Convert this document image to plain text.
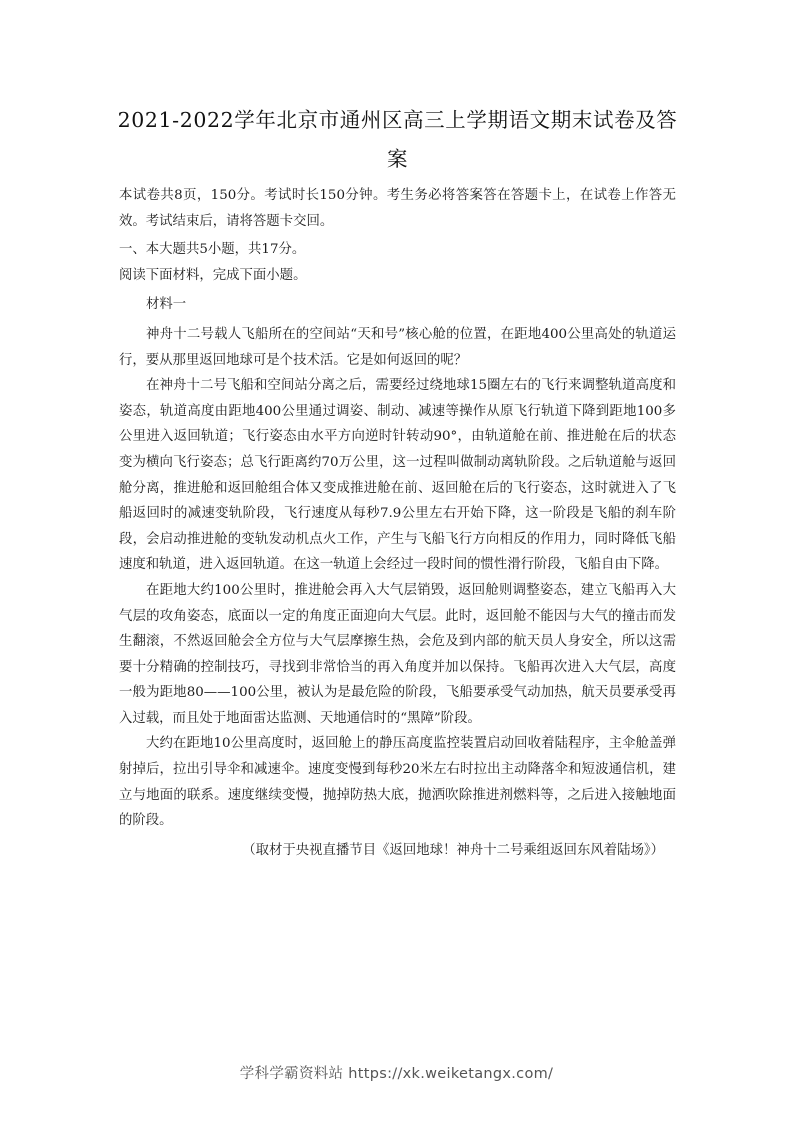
2021-2022学年北京市通州区高三上学期语文期末试卷及答案

本试卷共8页，150分。考试时长150分钟。考生务必将答案答在答题卡上，在试卷上作答无效。考试结束后，请将答题卡交回。

一、本大题共5小题，共17分。

阅读下面材料，完成下面小题。

材料一

神舟十二号载人飞船所在的空间站“天和号”核心舱的位置，在距地400公里高处的轨道运行，要从那里返回地球可是个技术活。它是如何返回的呢？

在神舟十二号飞船和空间站分离之后，需要经过绕地球15圈左右的飞行来调整轨道高度和姿态，轨道高度由距地400公里通过调姿、制动、减速等操作从原飞行轨道下降到距地100多公里进入返回轨道；飞行姿态由水平方向逆时针转动90°，由轨道舱在前、推进舱在后的状态变为横向飞行姿态；总飞行距离约70万公里，这一过程叫做制动离轨阶段。之后轨道舱与返回舱分离，推进舱和返回舱组合体又变成推进舱在前、返回舱在后的飞行姿态，这时就进入了飞船返回时的减速变轨阶段，飞行速度从每秒7.9公里左右开始下降，这一阶段是飞船的刹车阶段，会启动推进舱的变轨发动机点火工作，产生与飞船飞行方向相反的作用力，同时降低飞船速度和轨道，进入返回轨道。在这一轨道上会经过一段时间的惯性滑行阶段，飞船自由下降。

在距地大约100公里时，推进舱会再入大气层销毁，返回舱则调整姿态，建立飞船再入大气层的攻角姿态，底面以一定的角度正面迎向大气层。此时，返回舱不能因与大气的撞击而发生翻滚，不然返回舱会全方位与大气层摩擦生热，会危及到内部的航天员人身安全，所以这需要十分精确的控制技巧，寻找到非常恰当的再入角度并加以保持。飞船再次进入大气层，高度一般为距地80——100公里，被认为是最危险的阶段，飞船要承受气动加热，航天员要承受再入过载，而且处于地面雷达监测、天地通信时的“黑障”阶段。

大约在距地10公里高度时，返回舱上的静压高度监控装置启动回收着陆程序，主伞舱盖弹射掉后，拉出引导伞和减速伞。速度变慢到每秒20米左右时拉出主动降落伞和短波通信机，建立与地面的联系。速度继续变慢，抛掉防热大底，抛洒吹除推进剂燃料等，之后进入接触地面的阶段。

（取材于央视直播节目《返回地球！神舟十二号乘组返回东风着陆场》）

学科学霸资料站 https://xk.weiketangx.com/
